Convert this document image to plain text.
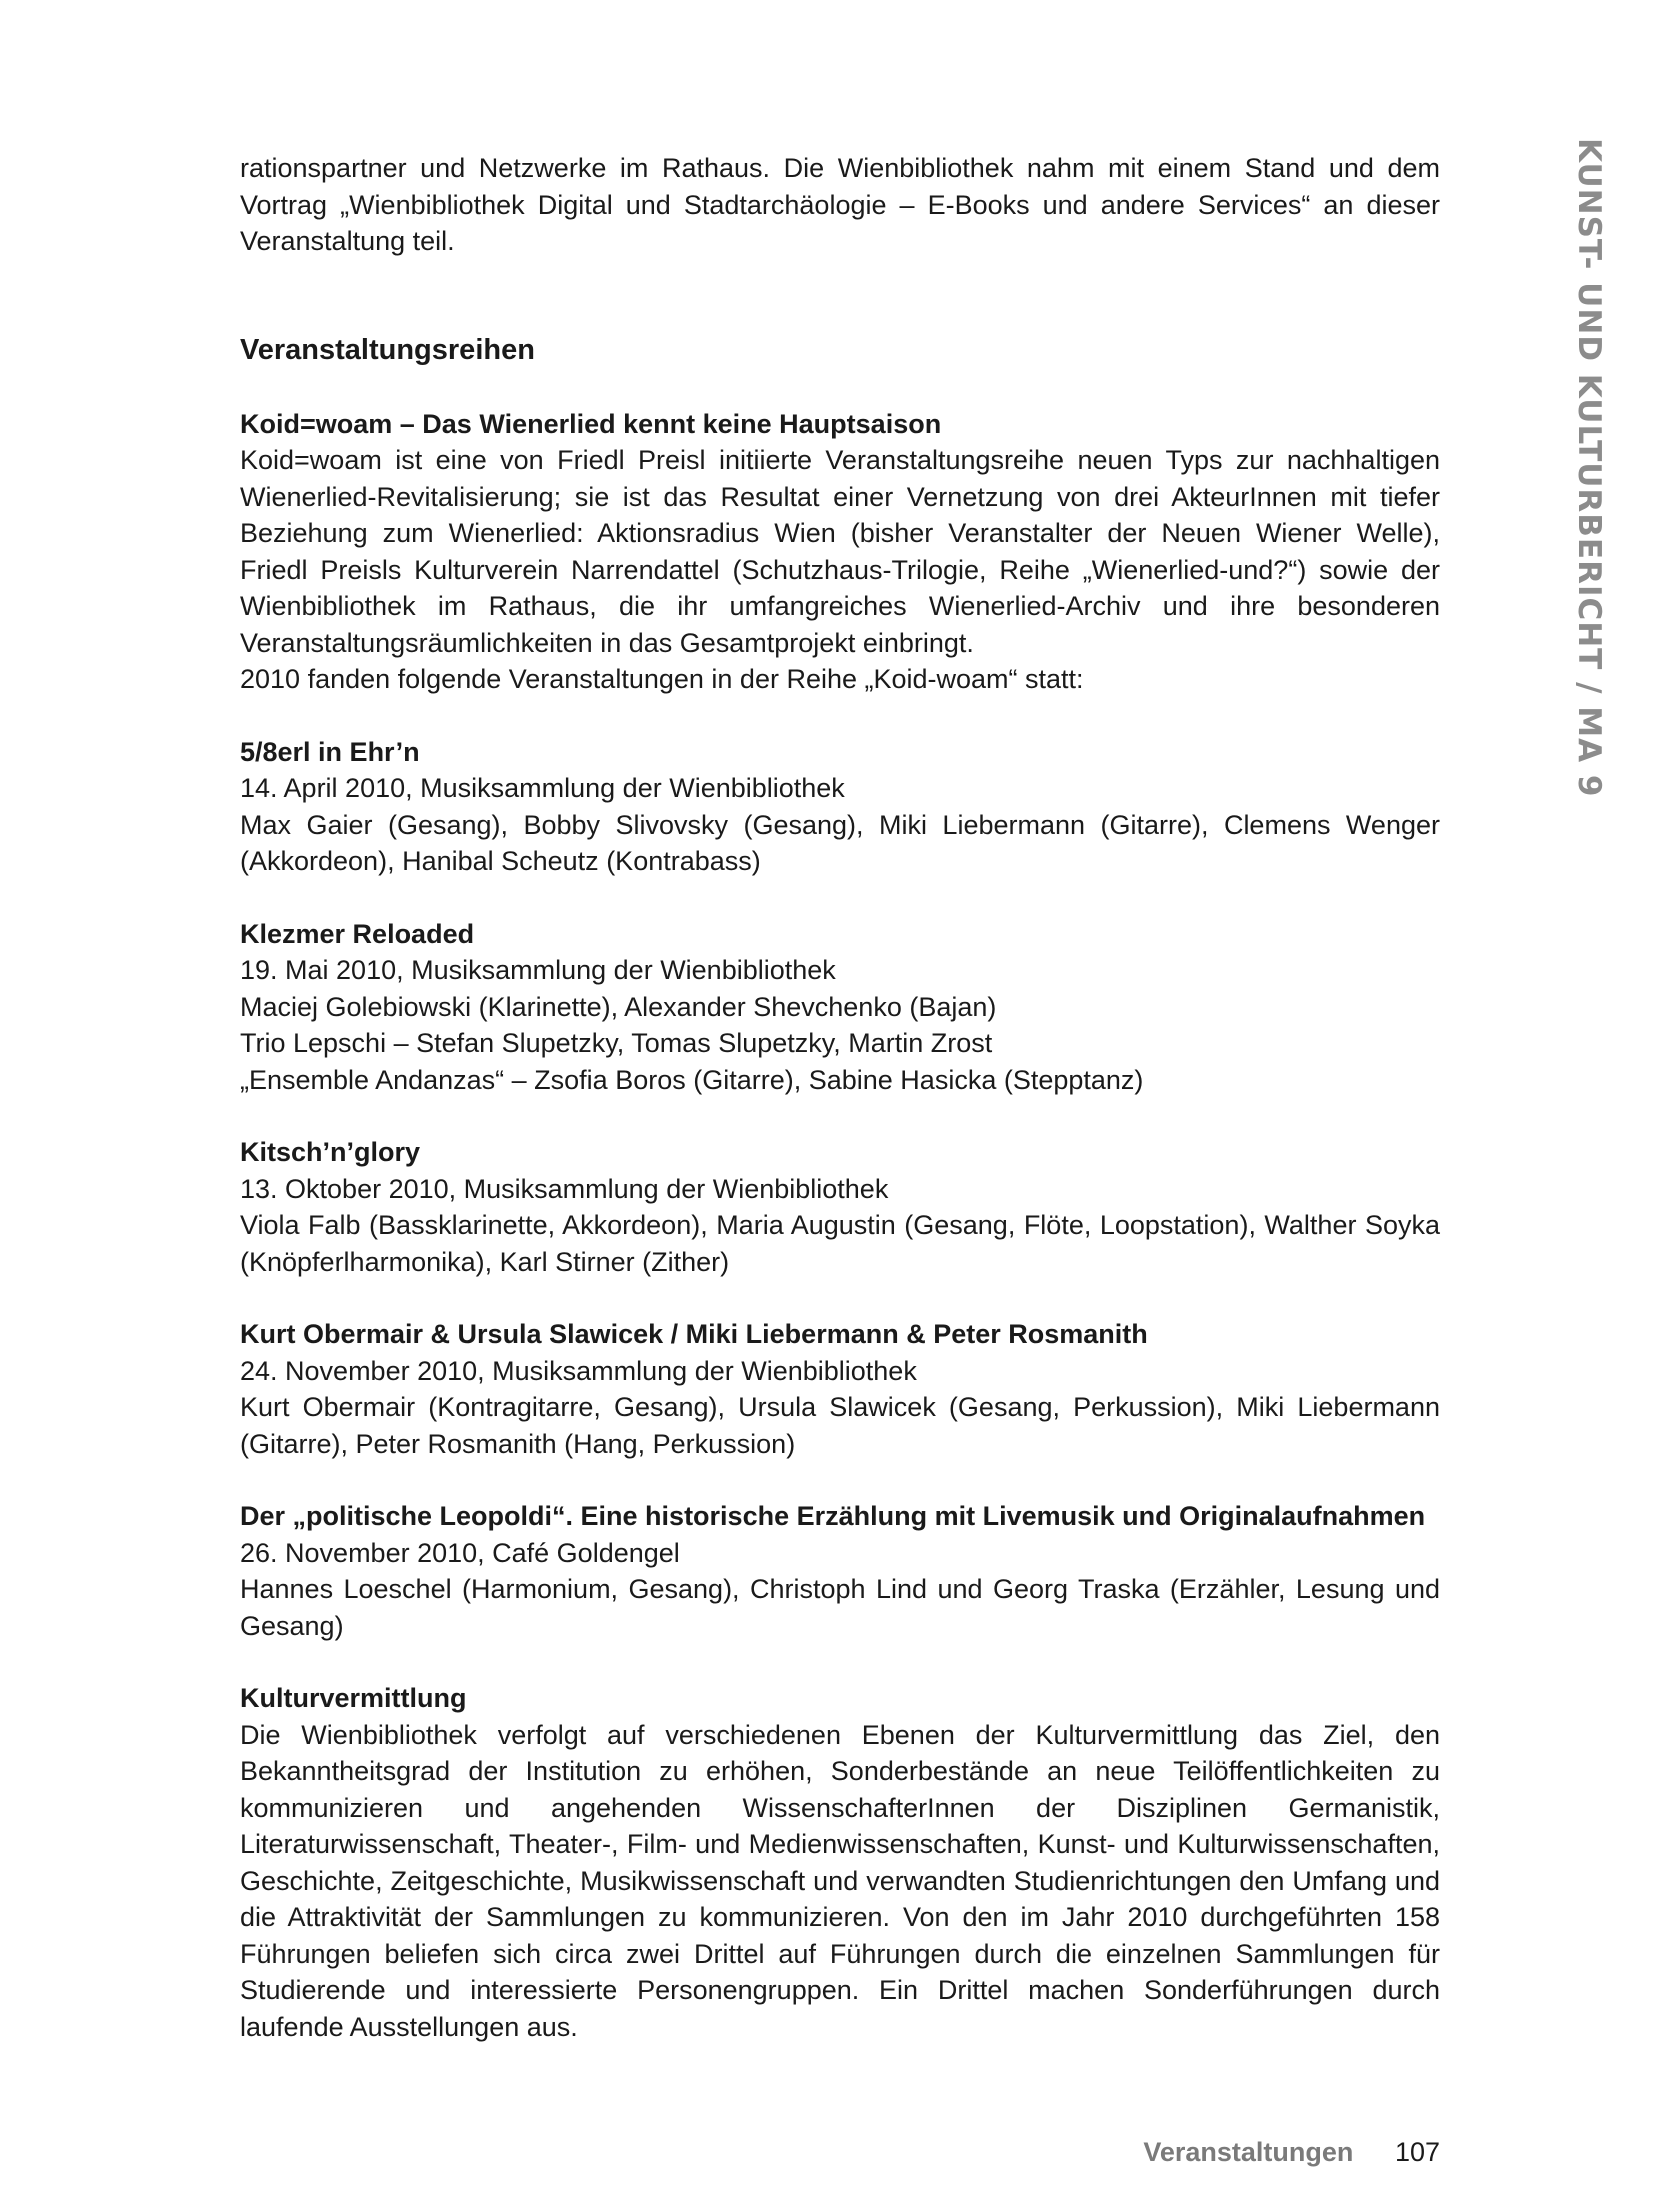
KUNST- UND KULTURBERICHT / MA 9

rationspartner und Netzwerke im Rathaus. Die Wienbibliothek nahm mit einem Stand und dem Vortrag „Wienbibliothek Digital und Stadtarchäologie – E-Books und andere Services“ an dieser Veranstaltung teil.

Veranstaltungsreihen

Koid=woam – Das Wienerlied kennt keine Hauptsaison

Koid=woam ist eine von Friedl Preisl initiierte Veranstaltungsreihe neuen Typs zur nachhaltigen Wienerlied-Revitalisierung; sie ist das Resultat einer Vernetzung von drei AkteurInnen mit tiefer Beziehung zum Wienerlied: Aktionsradius Wien (bisher Veranstalter der Neuen Wiener Welle), Friedl Preisls Kulturverein Narrendattel (Schutzhaus-Trilogie, Reihe „Wienerlied-und?“) sowie der Wienbibliothek im Rathaus, die ihr umfangreiches Wienerlied-Archiv und ihre besonderen Veranstaltungsräumlichkeiten in das Gesamtprojekt einbringt.

2010 fanden folgende Veranstaltungen in der Reihe „Koid-woam“ statt:

5/8erl in Ehr’n

14. April 2010, Musiksammlung der Wienbibliothek

Max Gaier (Gesang), Bobby Slivovsky (Gesang), Miki Liebermann (Gitarre), Clemens Wenger (Akkordeon), Hanibal Scheutz (Kontrabass)

Klezmer Reloaded

19. Mai 2010, Musiksammlung der Wienbibliothek
Maciej Golebiowski (Klarinette), Alexander Shevchenko (Bajan)
Trio Lepschi – Stefan Slupetzky, Tomas Slupetzky, Martin Zrost
„Ensemble Andanzas“ – Zsofia Boros (Gitarre), Sabine Hasicka (Stepptanz)

Kitsch’n’glory

13. Oktober 2010, Musiksammlung der Wienbibliothek

Viola Falb (Bassklarinette, Akkordeon), Maria Augustin (Gesang, Flöte, Loopstation), Walther Soyka (Knöpferlharmonika), Karl Stirner (Zither)

Kurt Obermair & Ursula Slawicek / Miki Liebermann & Peter Rosmanith

24. November 2010, Musiksammlung der Wienbibliothek

Kurt Obermair (Kontragitarre, Gesang), Ursula Slawicek (Gesang, Perkussion), Miki Liebermann (Gitarre), Peter Rosmanith (Hang, Perkussion)

Der „politische Leopoldi“. Eine historische Erzählung mit Livemusik und Originalaufnahmen

26. November 2010, Café Goldengel

Hannes Loeschel (Harmonium, Gesang), Christoph Lind und Georg Traska (Erzähler, Lesung und Gesang)

Kulturvermittlung

Die Wienbibliothek verfolgt auf verschiedenen Ebenen der Kulturvermittlung das Ziel, den Bekanntheitsgrad der Institution zu erhöhen, Sonderbestände an neue Teilöffentlichkeiten zu kommunizieren und angehenden WissenschafterInnen der Disziplinen Germanistik, Literaturwissenschaft, Theater-, Film- und Medienwissenschaften, Kunst- und Kulturwissenschaften, Geschichte, Zeitgeschichte, Musikwissenschaft und verwandten Studienrichtungen den Umfang und die Attraktivität der Sammlungen zu kommunizieren. Von den im Jahr 2010 durchgeführten 158 Führungen beliefen sich circa zwei Drittel auf Führungen durch die einzelnen Sammlungen für Studierende und interessierte Personengruppen. Ein Drittel machen Sonderführungen durch laufende Ausstellungen aus.

Veranstaltungen 107
